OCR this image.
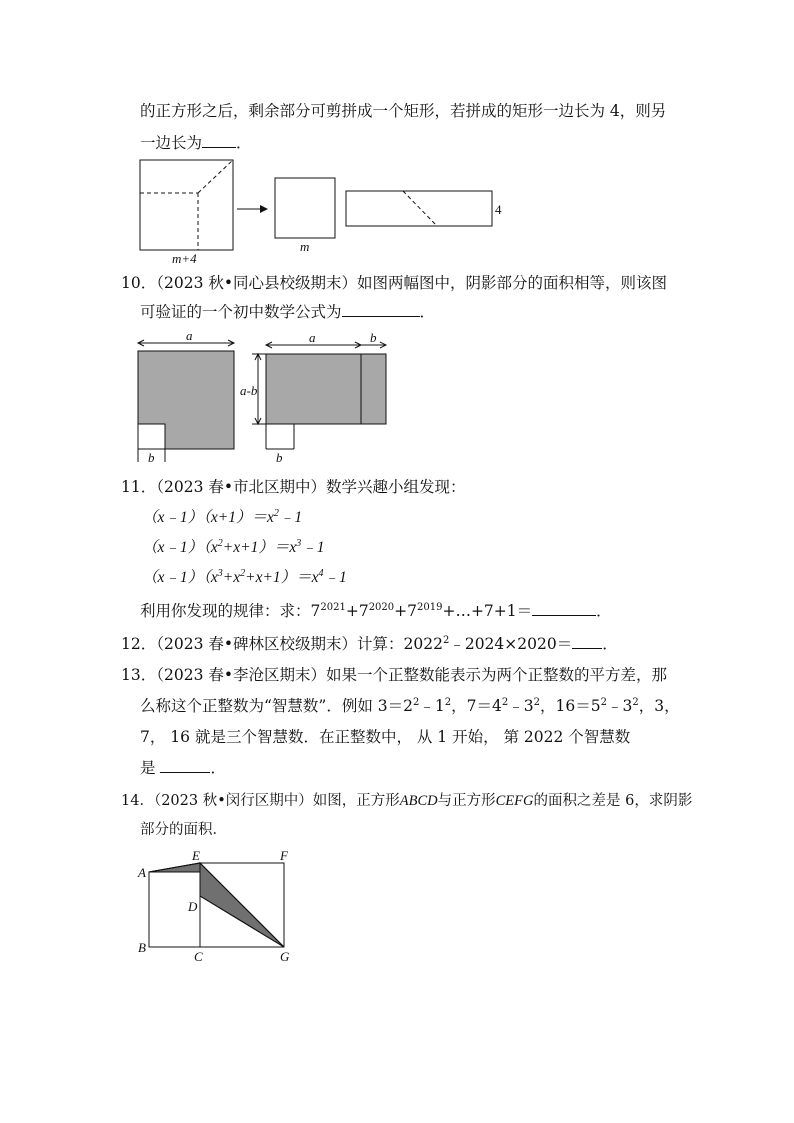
的正方形之后，剩余部分可剪拼成一个矩形，若拼成的矩形一边长为 4，则另
一边长为 ．
m+4
m
4
10．（2023 秋•同心县校级期末）如图两幅图中，阴影部分的面积相等，则该图
可验证的一个初中数学公式为	．
a
b
a	b
a-b
b
11．（2023 春•市北区期中）数学兴趣小组发现：
$(x﹣1)(x+1)=x^2﹣1$
$(x﹣1)(x^2+x+1)=x^3﹣1$
$(x﹣1)(x^3+x^2+x+1)=x^4﹣1$
利用你发现的规律：求：$7^{2021}+7^{2020}+7^{2019}+\dots+7+1=$	．
12．（2023 春•碑林区校级期末）计算：$2022^2﹣2024\times 2020=$ ．
13．（2023 春•李沧区期末）如果一个正整数能表示为两个正整数的平方差，那
么称这个正整数为“智慧数”．例如 $3=2^2﹣1^2$，$7=4^2﹣3^2$，$16=5^2﹣3^2$，3，
7， 16 就是三个智慧数．在正整数中， 从 1 开始， 第 2022 个智慧数
是	．
14．（2023 秋•闵行区期中）如图，正方形ABCD与正方形CEFG的面积之差是 6，求阴影
部分的面积．
A
B
C
D
E	F
G
